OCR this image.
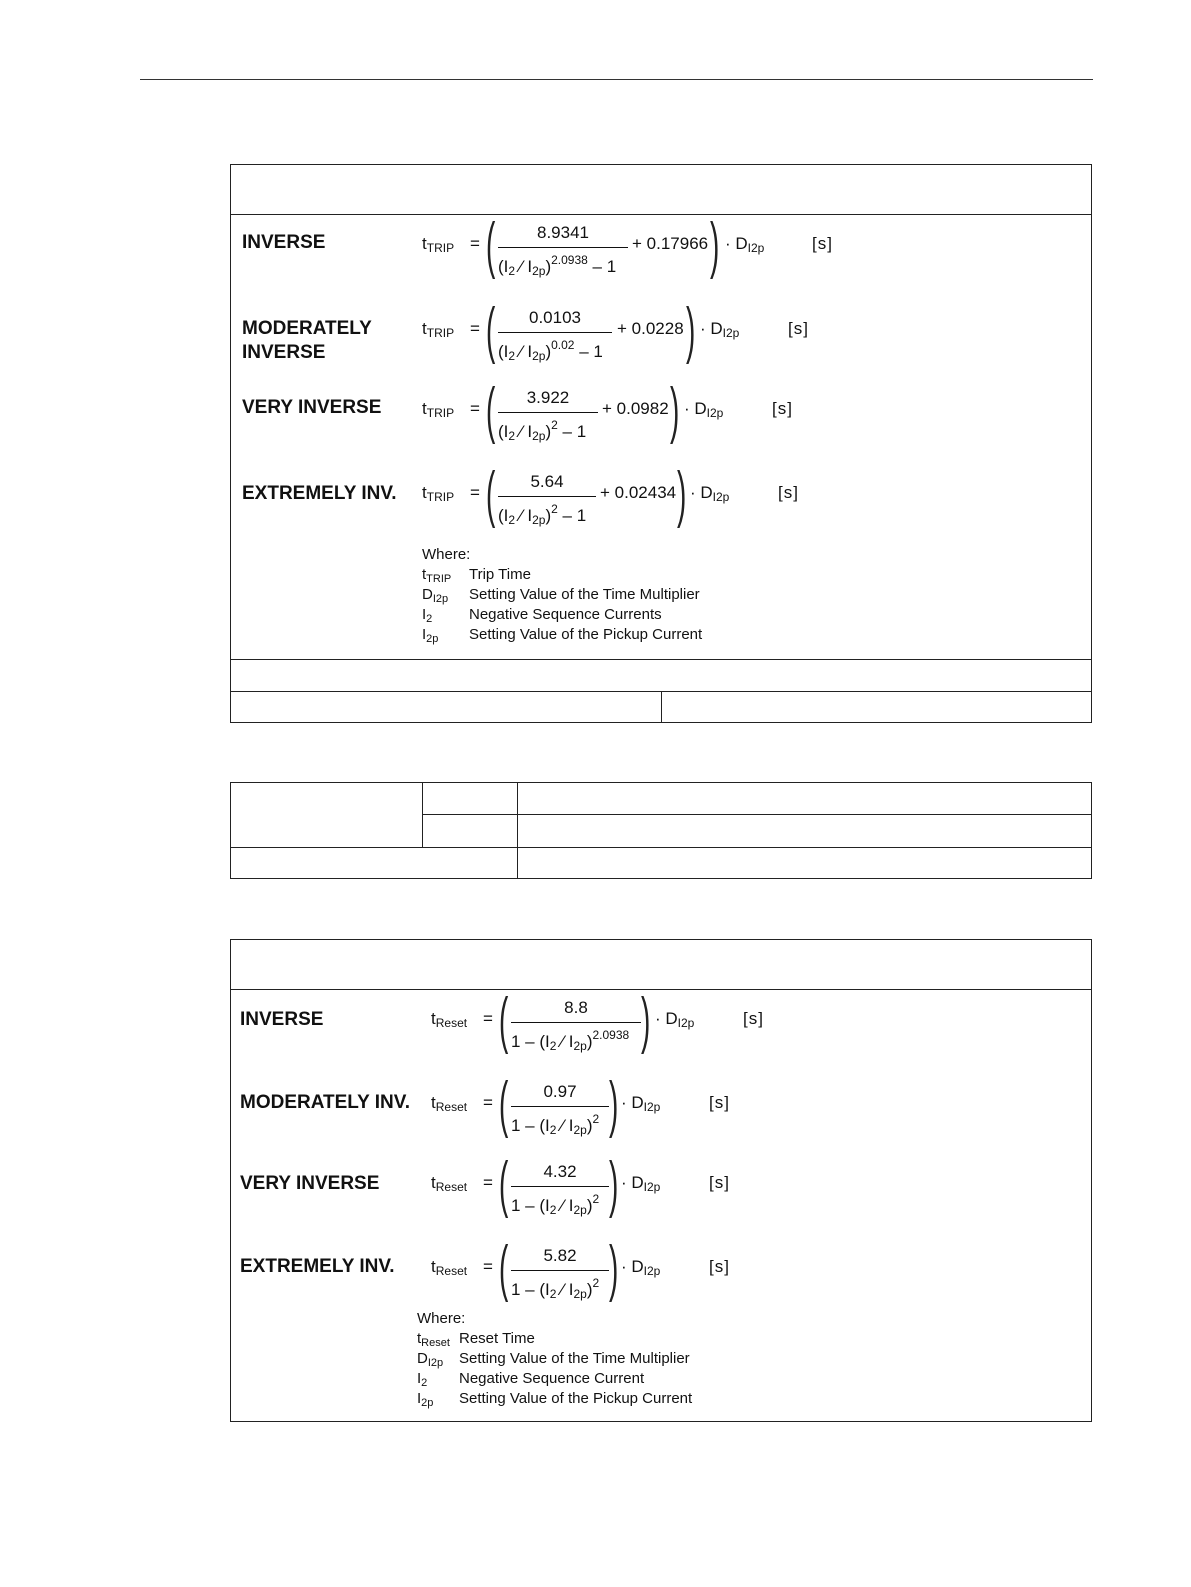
INVERSE	$t_{TRIP}$ = (	8.9341
($I_2$ ⁄ $I_{2p})^{2.0938} - 1$
+ 0.17966 ) · $D_{I2p}$	[s]
MODERATELY
INVERSE
$t_{TRIP}$ = (	0.0103
($I_2$ ⁄ $I_{2p})^{0.02} - 1$
+ 0.0228 ) · $D_{I2p}$	[s]
VERY INVERSE $t_{TRIP}$ = (	3.922
($I_2$ ⁄ $I_{2p})^2 - 1$
+ 0.0982 ) · $D_{I2p}$	[s]
EXTREMELY INV. $t_{TRIP}$ = (	5.64
($I_2$ ⁄ $I_{2p})^2 - 1$
+ 0.02434 ) · $D_{I2p}$	[s]
Where:
$t_{TRIP}$ Trip Time
$D_{I2p}$ Setting Value of the Time Multiplier
$I_2$ Negative Sequence Currents
$I_{2p}$ Setting Value of the Pickup Current
INVERSE	$t_{Reset}$ = (	8.8
$1 - (I_2$ ⁄ $I_{2p})^{2.0938}$ ) · $D_{I2p}$	[s]
MODERATELY INV. $t_{Reset}$ = (	0.97
$1 - (I_2$ ⁄ $I_{2p})^2$ ) · $D_{I2p}$	[s]
VERY INVERSE	$t_{Reset}$ = (	4.32
$1 - (I_2$ ⁄ $I_{2p})^2$ ) · $D_{I2p}$	[s]
EXTREMELY INV. $t_{Reset}$ = (	5.82
$1 - (I_2$ ⁄ $I_{2p})^2$ ) · $D_{I2p}$	[s]
Where:
$t_{Reset}$ Reset Time
$D_{I2p}$ Setting Value of the Time Multiplier
$I_2$ Negative Sequence Current
$I_{2p}$ Setting Value of the Pickup Current
